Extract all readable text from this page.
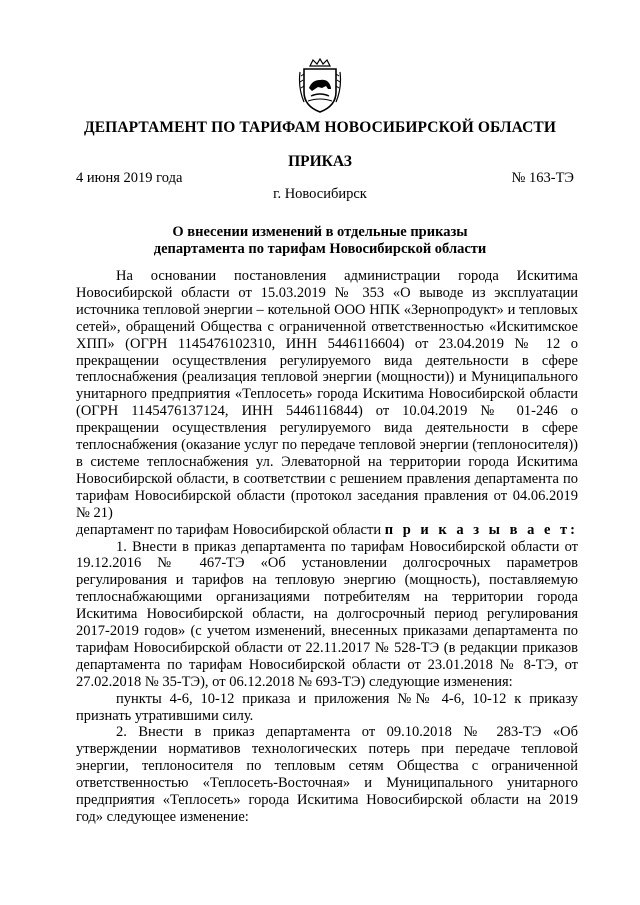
ДЕПАРТАМЕНТ ПО ТАРИФАМ НОВОСИБИРСКОЙ ОБЛАСТИ
ПРИКАЗ
4 июня 2019 года	№ 163-ТЭ
г. Новосибирск
О внесении изменений в отдельные приказы
департамента по тарифам Новосибирской области

На основании постановления администрации города Искитима Новосибирской области от 15.03.2019 № 353 «О выводе из эксплуатации источника тепловой энергии – котельной ООО НПК «Зернопродукт» и тепловых сетей», обращений Общества с ограниченной ответственностью «Искитимское ХПП» (ОГРН 1145476102310, ИНН 5446116604) от 23.04.2019 № 12 о прекращении осуществления регулируемого вида деятельности в сфере теплоснабжения (реализация тепловой энергии (мощности)) и Муниципального унитарного предприятия «Теплосеть» города Искитима Новосибирской области (ОГРН 1145476137124, ИНН 5446116844) от 10.04.2019 № 01-246 о прекращении осуществления регулируемого вида деятельности в сфере теплоснабжения (оказание услуг по передаче тепловой энергии (теплоносителя)) в системе теплоснабжения ул. Элеваторной на территории города Искитима Новосибирской области, в соответствии с решением правления департамента по тарифам Новосибирской области (протокол заседания правления от 04.06.2019 № 21)

департамент по тарифам Новосибирской области п р и к а з ы в а е т:

1. Внести в приказ департамента по тарифам Новосибирской области от 19.12.2016 № 467-ТЭ «Об установлении долгосрочных параметров регулирования и тарифов на тепловую энергию (мощность), поставляемую теплоснабжающими организациями потребителям на территории города Искитима Новосибирской области, на долгосрочный период регулирования 2017-2019 годов» (с учетом изменений, внесенных приказами департамента по тарифам Новосибирской области от 22.11.2017 № 528-ТЭ (в редакции приказов департамента по тарифам Новосибирской области от 23.01.2018 № 8-ТЭ, от 27.02.2018 № 35-ТЭ), от 06.12.2018 № 693-ТЭ) следующие изменения:

пункты 4-6, 10-12 приказа и приложения №№ 4-6, 10-12 к приказу признать утратившими силу.

2. Внести в приказ департамента от 09.10.2018 № 283-ТЭ «Об утверждении нормативов технологических потерь при передаче тепловой энергии, теплоносителя по тепловым сетям Общества с ограниченной ответственностью «Теплосеть-Восточная» и Муниципального унитарного предприятия «Теплосеть» города Искитима Новосибирской области на 2019 год» следующее изменение:
